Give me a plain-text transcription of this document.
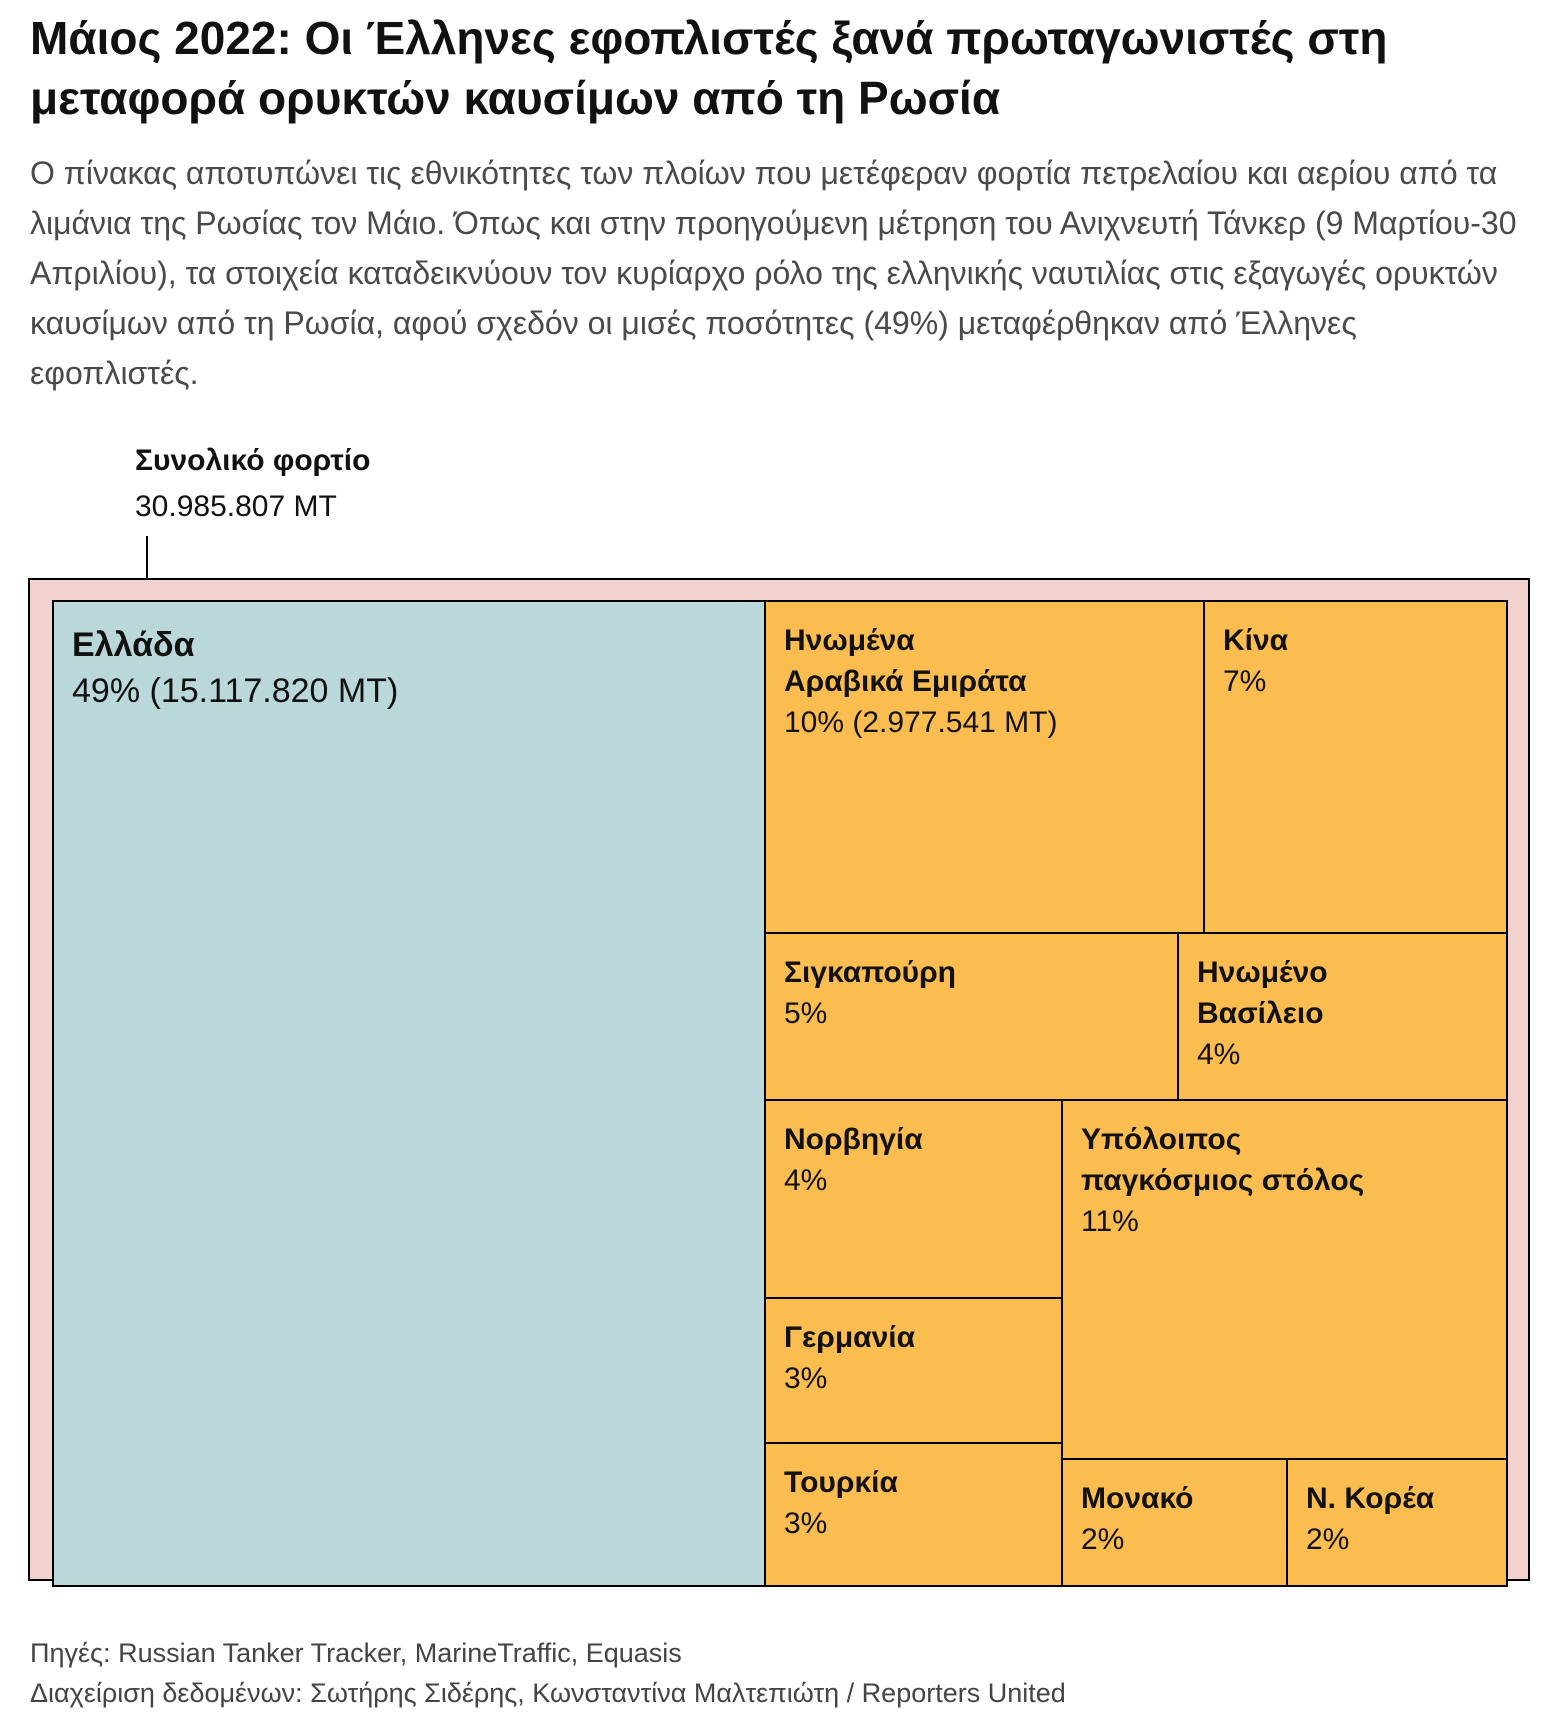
Μάιος 2022: Οι Έλληνες εφοπλιστές ξανά πρωταγωνιστές στη μεταφορά ορυκτών καυσίμων από τη Ρωσία
Ο πίνακας αποτυπώνει τις εθνικότητες των πλοίων που μετέφεραν φορτία πετρελαίου και αερίου από τα λιμάνια της Ρωσίας τον Μάιο. Όπως και στην προηγούμενη μέτρηση του Ανιχνευτή Τάνκερ (9 Μαρτίου-30 Απριλίου), τα στοιχεία καταδεικνύουν τον κυρίαρχο ρόλο της ελληνικής ναυτιλίας στις εξαγωγές ορυκτών καυσίμων από τη Ρωσία, αφού σχεδόν οι μισές ποσότητες (49%) μεταφέρθηκαν από Έλληνες εφοπλιστές.
Συνολικό φορτίο
30.985.807 MT
Ελλάδα
49% (15.117.820 MT)
Ηνωμένα
Αραβικά Εμιράτα
10% (2.977.541 MT)
Κίνα
7%
Σιγκαπούρη
5%
Ηνωμένο
Βασίλειο
4%
Νορβηγία
4%
Υπόλοιπος
παγκόσμιος στόλος
11%
Γερμανία
3%
Τουρκία
3%
Μονακό
2%
Ν. Κορέα
2%
Πηγές: Russian Tanker Tracker, MarineTraffic, Equasis
Διαχείριση δεδομένων: Σωτήρης Σιδέρης, Κωνσταντίνα Μαλτεπιώτη / Reporters United
